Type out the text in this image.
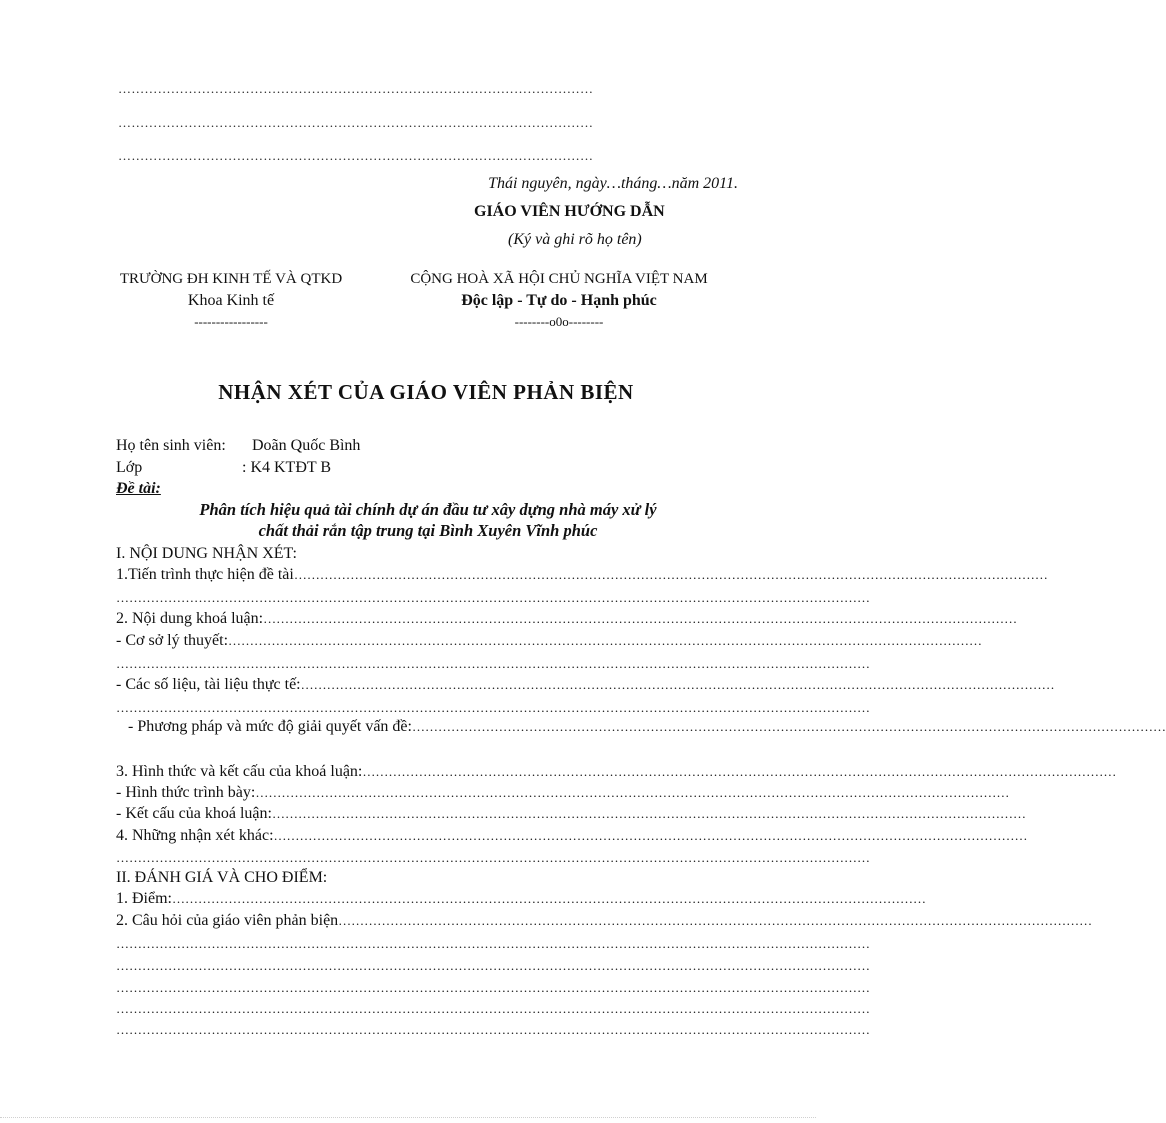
………………………………………………………………………………………………
………………………………………………………………………………………………
………………………………………………………………………………………………
Thái nguyên, ngày…tháng…năm 2011.
GIÁO VIÊN HƯỚNG DẪN
(Ký và ghi rõ họ tên)
TRƯỜNG ĐH KINH TẾ VÀ QTKD
Khoa Kinh tế
-----------------
CỘNG HOÀ XÃ HỘI CHỦ NGHĨA VIỆT NAM
Độc lập - Tự do - Hạnh phúc
--------o0o--------
NHẬN XÉT CỦA GIÁO VIÊN PHẢN BIỆN
Họ tên sinh viên: Doãn Quốc Bình
Lớp	: K4 KTĐT B
Đề tài:
Phân tích hiệu quả tài chính dự án đầu tư xây dựng nhà máy xử lý
chất thải rắn tập trung tại Bình Xuyên Vĩnh phúc
I. NỘI DUNG NHẬN XÉT:
1.Tiến trình thực hiện đề tài…………………………………………………………………………………………………………………………………………………………
…………………………………………………………………………………………………………………………………………………………
2. Nội dung khoá luận:…………………………………………………………………………………………………………………………………………………………
- Cơ sở lý thuyết:…………………………………………………………………………………………………………………………………………………………
…………………………………………………………………………………………………………………………………………………………
- Các số liệu, tài liệu thực tế:…………………………………………………………………………………………………………………………………………………………
…………………………………………………………………………………………………………………………………………………………
- Phương pháp và mức độ giải quyết vấn đề:…………………………………………………………………………………………………………………………………………………………
3. Hình thức và kết cấu của khoá luận:…………………………………………………………………………………………………………………………………………………………
- Hình thức trình bày:…………………………………………………………………………………………………………………………………………………………
- Kết cấu của khoá luận:…………………………………………………………………………………………………………………………………………………………
4. Những nhận xét khác:…………………………………………………………………………………………………………………………………………………………
…………………………………………………………………………………………………………………………………………………………
II. ĐÁNH GIÁ VÀ CHO ĐIỂM:
1. Điểm:…………………………………………………………………………………………………………………………………………………………
2. Câu hỏi của giáo viên phản biện…………………………………………………………………………………………………………………………………………………………
…………………………………………………………………………………………………………………………………………………………
…………………………………………………………………………………………………………………………………………………………
…………………………………………………………………………………………………………………………………………………………
…………………………………………………………………………………………………………………………………………………………
…………………………………………………………………………………………………………………………………………………………
